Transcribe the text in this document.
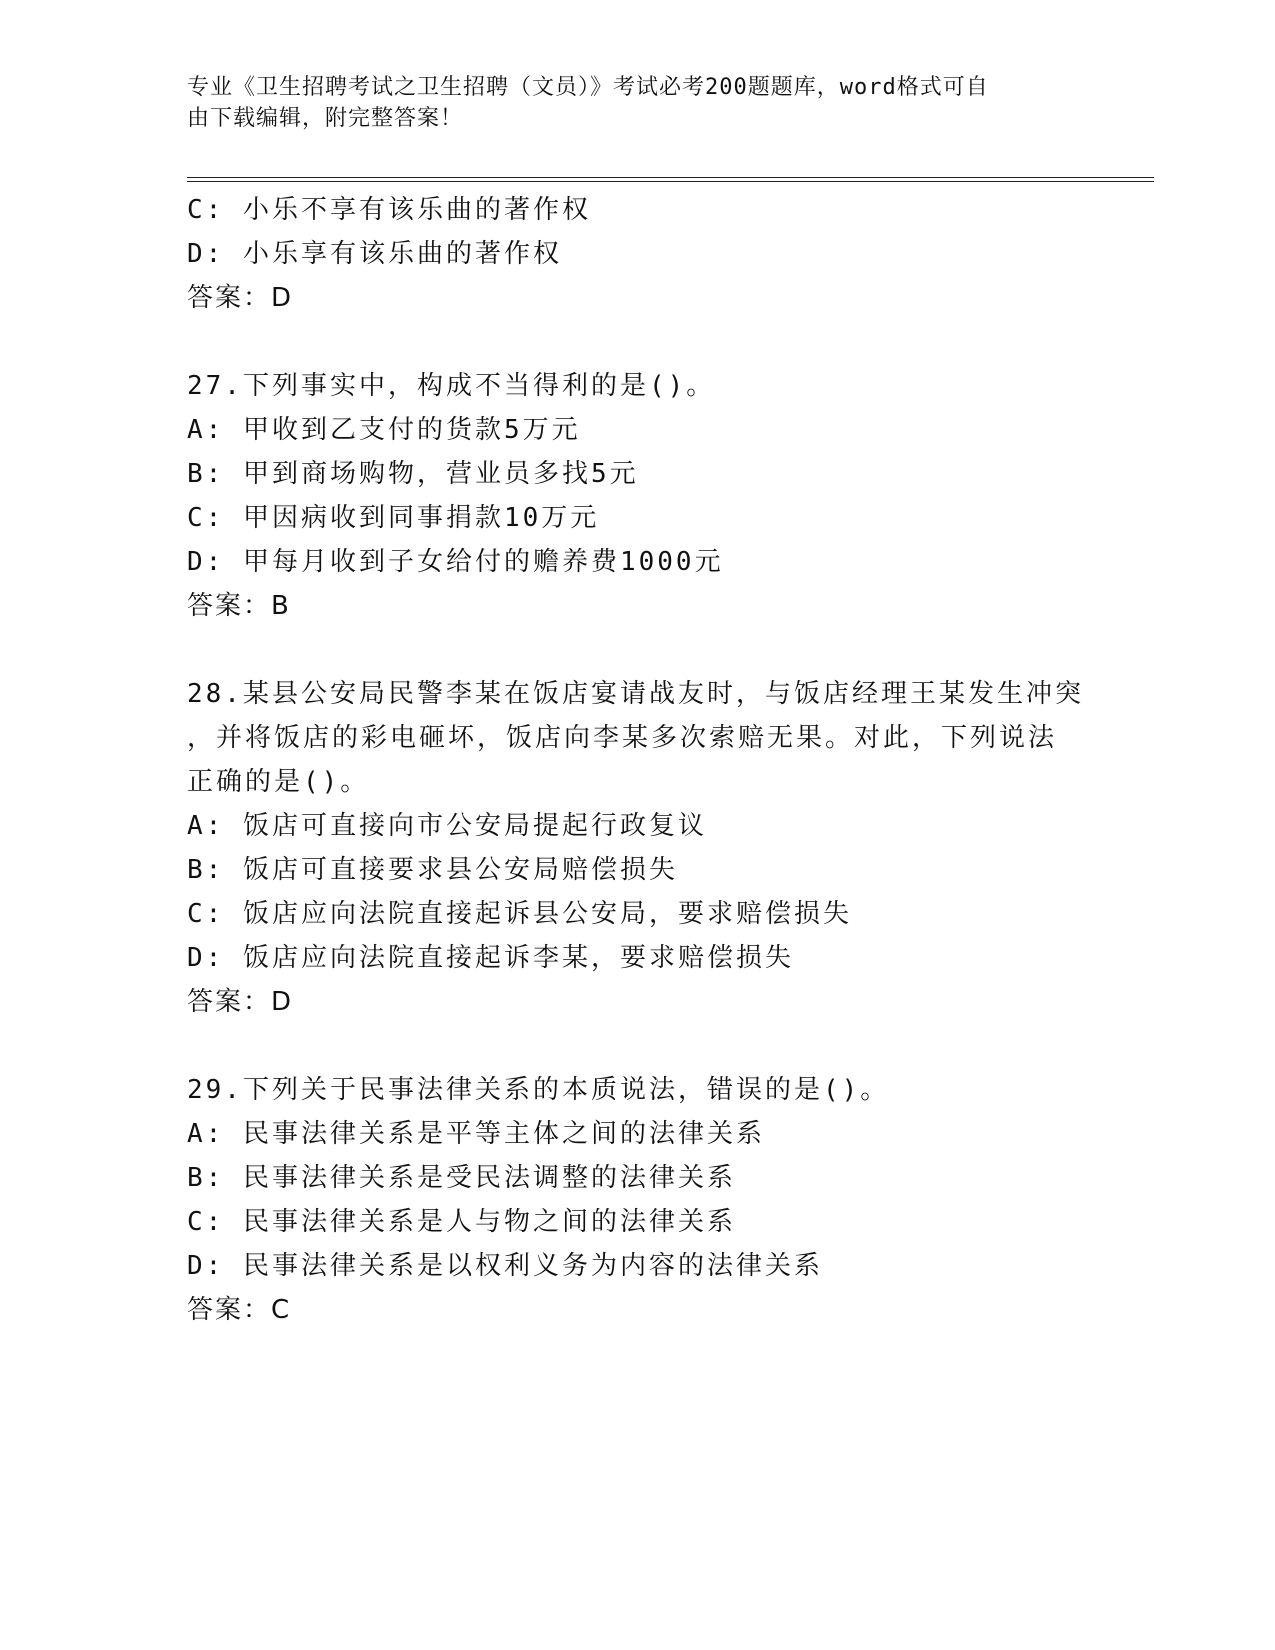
专业《卫生招聘考试之卫生招聘（文员）》考试必考200题题库，word格式可自

由下载编辑，附完整答案！

C: 小乐不享有该乐曲的著作权
D: 小乐享有该乐曲的著作权
答案：D
27.下列事实中，构成不当得利的是()。
A: 甲收到乙支付的货款5万元
B: 甲到商场购物，营业员多找5元
C: 甲因病收到同事捐款10万元
D: 甲每月收到子女给付的赡养费1000元
答案：B
28.某县公安局民警李某在饭店宴请战友时，与饭店经理王某发生冲突
，并将饭店的彩电砸坏，饭店向李某多次索赔无果。对此，下列说法
正确的是()。
A: 饭店可直接向市公安局提起行政复议
B: 饭店可直接要求县公安局赔偿损失
C: 饭店应向法院直接起诉县公安局，要求赔偿损失
D: 饭店应向法院直接起诉李某，要求赔偿损失
答案：D
29.下列关于民事法律关系的本质说法，错误的是()。
A: 民事法律关系是平等主体之间的法律关系
B: 民事法律关系是受民法调整的法律关系
C: 民事法律关系是人与物之间的法律关系
D: 民事法律关系是以权利义务为内容的法律关系
答案：C
